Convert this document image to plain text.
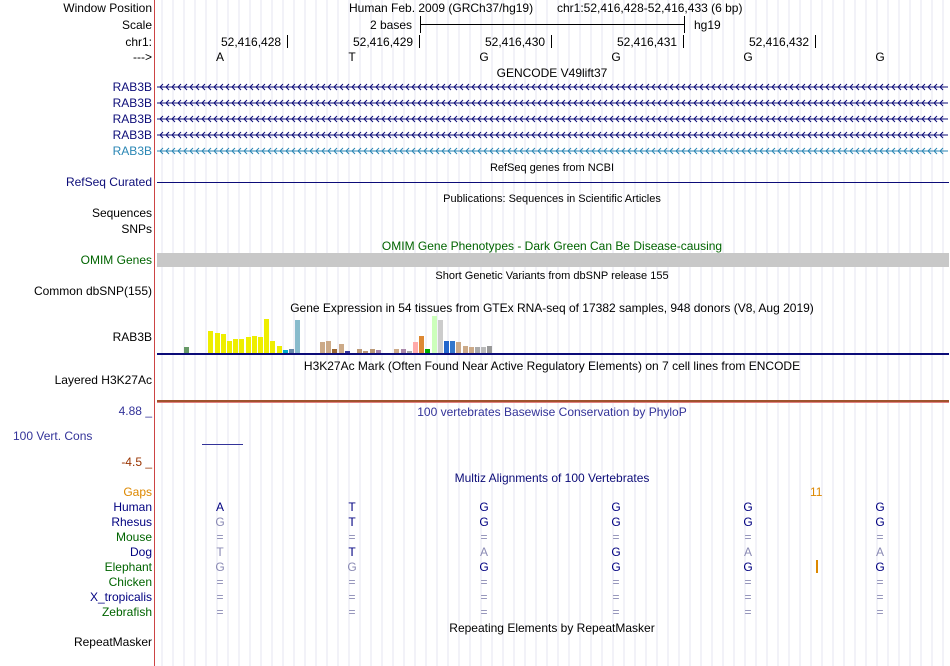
Window Position	Human Feb. 2009 (GRCh37/hg19) chr1:52,416,428-52,416,433 (6 bp)
Scale	2 bases	hg19
chr1:	52,416,428	52,416,429	52,416,430	52,416,431	52,416,432
--->	A	T	G	G	G	G
GENCODE V49lift37
RAB3B
RAB3B
RAB3B
RAB3B
RAB3B
RefSeq genes from NCBI
RefSeq Curated
Publications: Sequences in Scientific Articles
Sequences
SNPs
OMIM Gene Phenotypes - Dark Green Can Be Disease-causing
OMIM Genes
Short Genetic Variants from dbSNP release 155
Common dbSNP(155)
Gene Expression in 54 tissues from GTEx RNA-seq of 17382 samples, 948 donors (V8, Aug 2019)
RAB3B
H3K27Ac Mark (Often Found Near Active Regulatory Elements) on 7 cell lines from ENCODE
Layered H3K27Ac
4.88 _	100 vertebrates Basewise Conservation by PhyloP
100 Vert. Cons
-4.5 _
Multiz Alignments of 100 Vertebrates
Gaps	11
Human	A	T	G	G	G	G
Rhesus	G	T	G	G	G	G
Mouse	=	=	=	=	=	=
Dog	T	T	A	G	A	A
Elephant	G	G	G	G	G	G
Chicken	=	=	=	=	=	=
X_tropicalis	=	=	=	=	=	=
Zebrafish	=	=	=	=	=	=
Repeating Elements by RepeatMasker
RepeatMasker
